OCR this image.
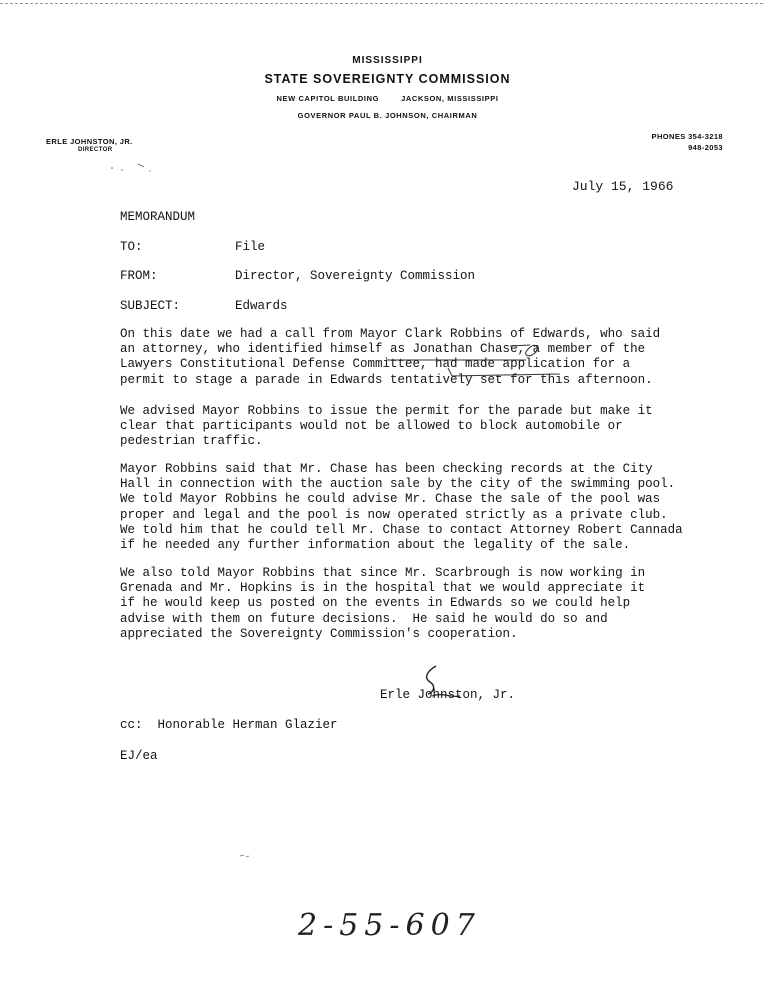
MISSISSIPPI
STATE SOVEREIGNTY COMMISSION
NEW CAPITOL BUILDING	JACKSON, MISSISSIPPI
GOVERNOR PAUL B. JOHNSON, CHAIRMAN
ERLE JOHNSTON, JR.
DIRECTOR
PHONES 354-3218
948-2053
July 15, 1966
MEMORANDUM
TO:	File
FROM:	Director, Sovereignty Commission
SUBJECT:	Edwards
On this date we had a call from Mayor Clark Robbins of Edwards, who said
an attorney, who identified himself as Jonathan Chase, a member of the
Lawyers Constitutional Defense Committee, had made application for a
permit to stage a parade in Edwards tentatively set for this afternoon.
We advised Mayor Robbins to issue the permit for the parade but make it
clear that participants would not be allowed to block automobile or
pedestrian traffic.
Mayor Robbins said that Mr. Chase has been checking records at the City
Hall in connection with the auction sale by the city of the swimming pool.
We told Mayor Robbins he could advise Mr. Chase the sale of the pool was
proper and legal and the pool is now operated strictly as a private club.
We told him that he could tell Mr. Chase to contact Attorney Robert Cannada
if he needed any further information about the legality of the sale.
We also told Mayor Robbins that since Mr. Scarbrough is now working in
Grenada and Mr. Hopkins is in the hospital that we would appreciate it
if he would keep us posted on the events in Edwards so we could help
advise with them on future decisions.  He said he would do so and
appreciated the Sovereignty Commission's cooperation.
Erle Johnston, Jr.
cc:  Honorable Herman Glazier
EJ/ea
2-55-607
